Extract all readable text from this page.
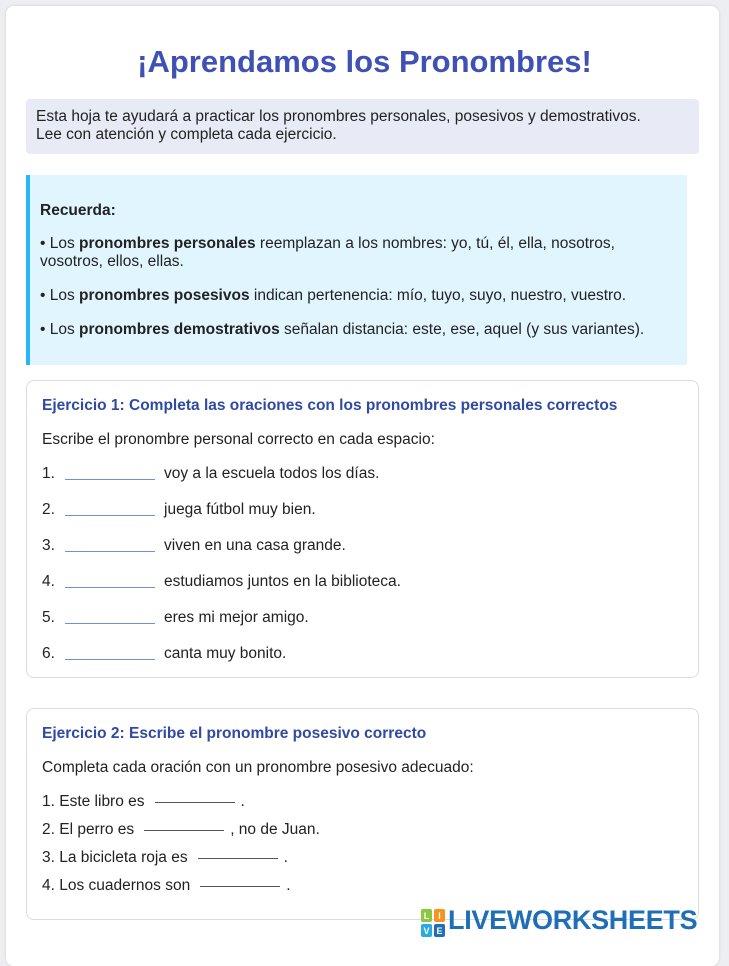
¡Aprendamos los Pronombres!

Esta hoja te ayudará a practicar los pronombres personales, posesivos y demostrativos.

Lee con atención y completa cada ejercicio.

Recuerda:
• Los pronombres personales reemplazan a los nombres: yo, tú, él, ella, nosotros, vosotros, ellos, ellas.
• Los pronombres posesivos indican pertenencia: mío, tuyo, suyo, nuestro, vuestro.
• Los pronombres demostrativos señalan distancia: este, ese, aquel (y sus variantes).
Ejercicio 1: Completa las oraciones con los pronombres personales correctos
Escribe el pronombre personal correcto en cada espacio:
1.	voy a la escuela todos los días.
2.	juega fútbol muy bien.
3.	viven en una casa grande.
4.	estudiamos juntos en la biblioteca.
5.	eres mi mejor amigo.
6.	canta muy bonito.
Ejercicio 2: Escribe el pronombre posesivo correcto
Completa cada oración con un pronombre posesivo adecuado:
1. Este libro es	.
2. El perro es	, no de Juan.
3. La bicicleta roja es	.
4. Los cuadernos son	.
L I
V E LIVEWORKSHEETS
